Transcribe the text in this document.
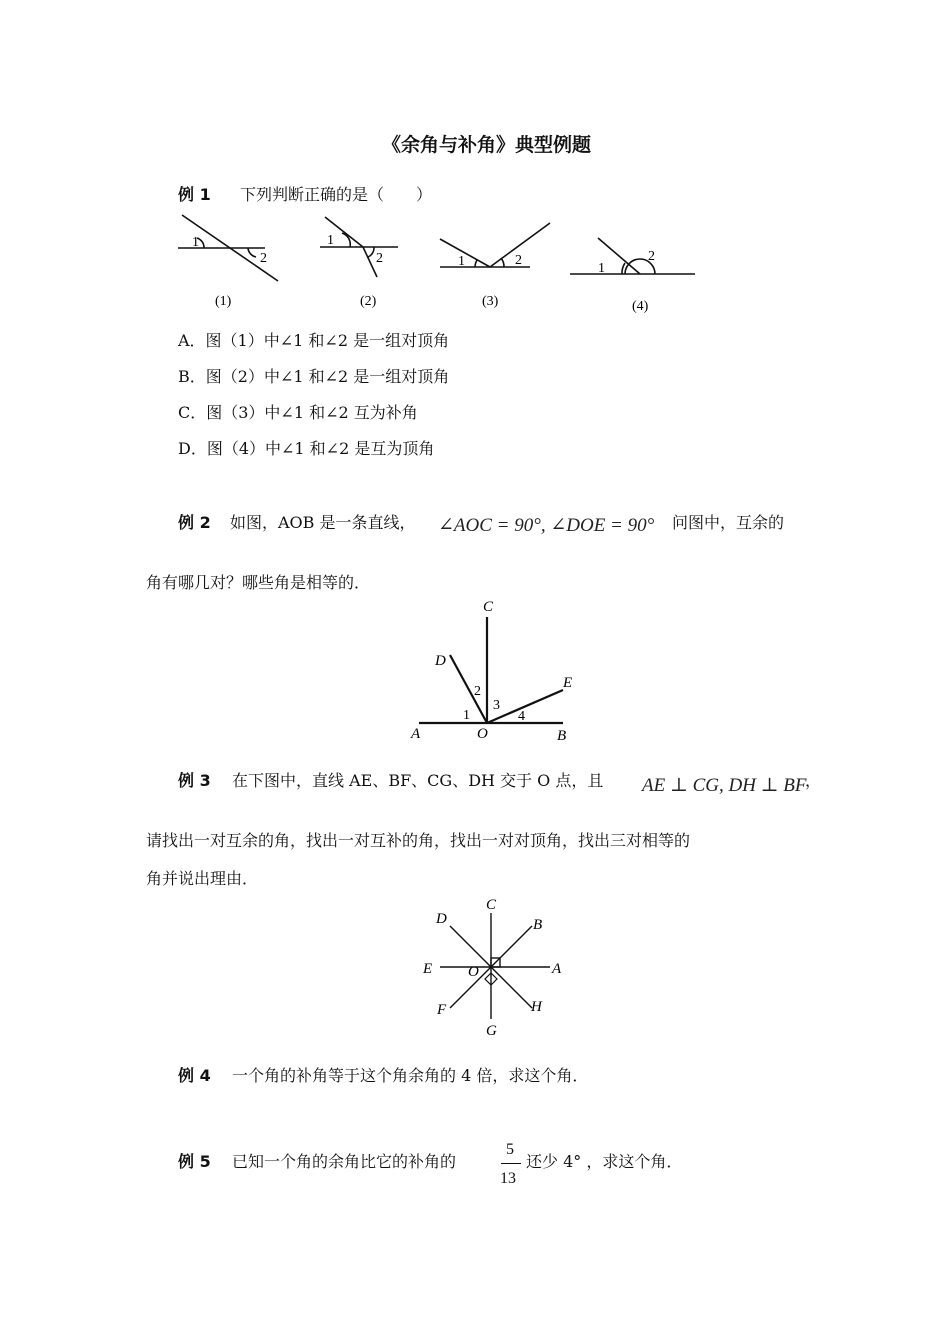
《余角与补角》典型例题
例 1 下列判断正确的是（　　）
1
2
(1)
1
2
(2)
1	2
(3)
1
2
(4)
A．图（1）中∠1 和∠2 是一组对顶角
B．图（2）中∠1 和∠2 是一组对顶角
C．图（3）中∠1 和∠2 互为补角
D．图（4）中∠1 和∠2 是互为顶角
例 2 如图，AOB 是一条直线， ∠AOC = 90°, ∠DOE = 90° 问图中，互余的
角有哪几对？哪些角是相等的．
C
D
E
A	O	B
1
2
3
4
例 3 在下图中，直线 AE、BF、CG、DH 交于 O 点，且 AE ⊥ CG, DH ⊥ BF
，
请找出一对互余的角，找出一对互补的角，找出一对对顶角，找出三对相等的
角并说出理由．
C
B
D
E O	A
F	H
G
例 4 一个角的补角等于这个角余角的 4 倍，求这个角．
例 5 已知一个角的余角比它的补角的
5
13
还少 4° ，求这个角．
